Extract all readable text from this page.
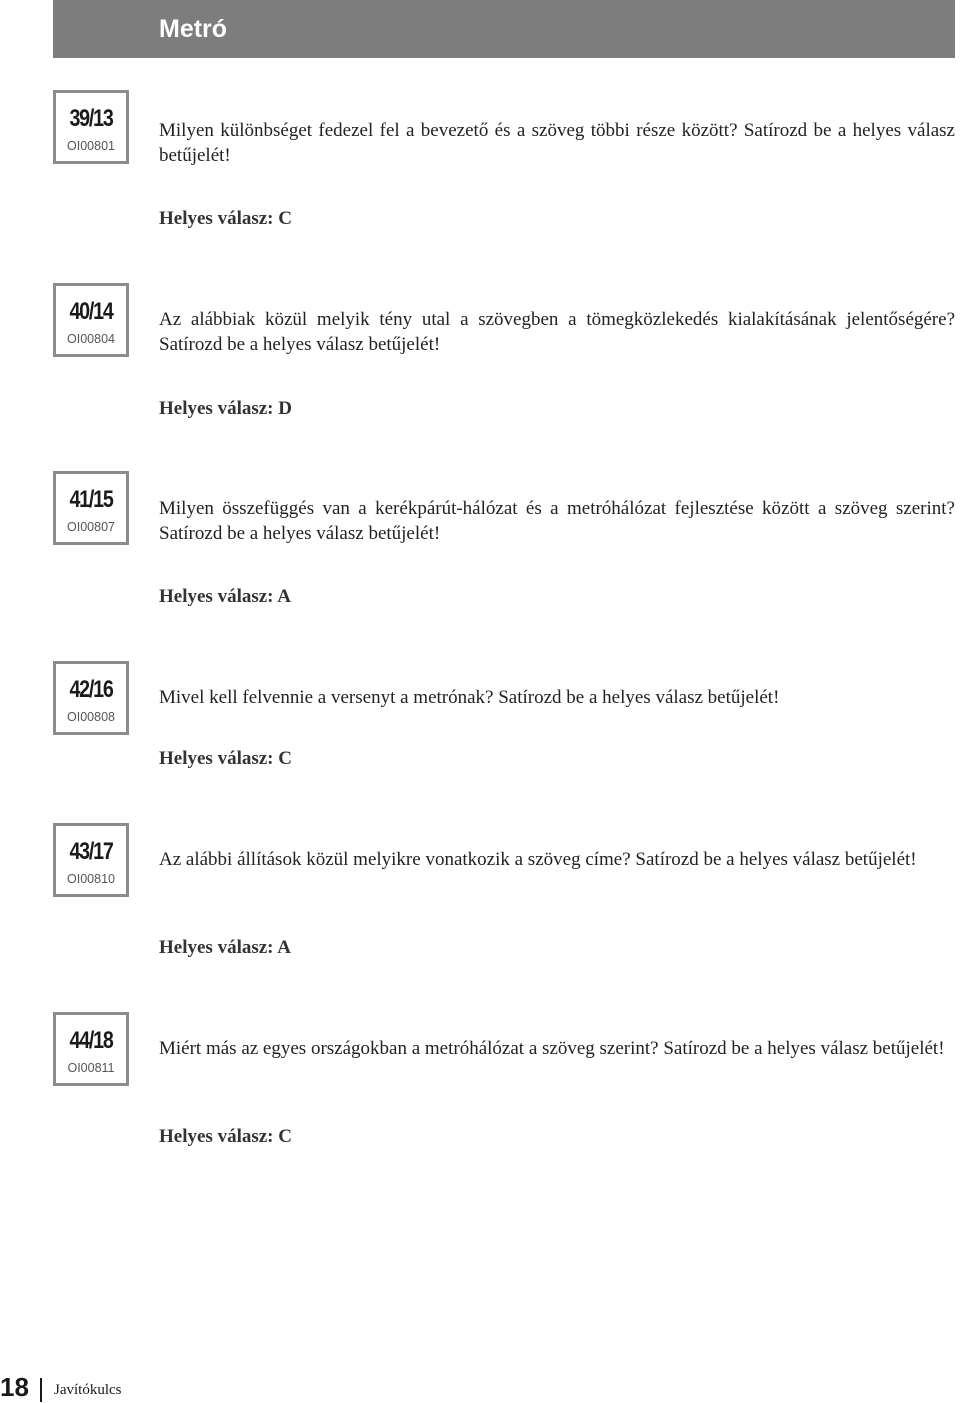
Metró
39/13
OI00801
Milyen különbséget fedezel fel a bevezető és a szöveg többi része között? Satírozd be a helyes válasz betűjelét!
Helyes válasz: C
40/14
OI00804
Az alábbiak közül melyik tény utal a szövegben a tömegközlekedés kialakításának jelentőségére? Satírozd be a helyes válasz betűjelét!
Helyes válasz: D
41/15
OI00807
Milyen összefüggés van a kerékpárút-hálózat és a metróhálózat fejlesztése között a szöveg szerint? Satírozd be a helyes válasz betűjelét!
Helyes válasz: A
42/16
OI00808
Mivel kell felvennie a versenyt a metrónak? Satírozd be a helyes válasz betűjelét!
Helyes válasz: C
43/17
OI00810
Az alábbi állítások közül melyikre vonatkozik a szöveg címe? Satírozd be a helyes válasz betűjelét!
Helyes válasz: A
44/18
OI00811
Miért más az egyes országokban a metróhálózat a szöveg szerint? Satírozd be a helyes válasz betűjelét!
Helyes válasz: C
18 Javítókulcs
